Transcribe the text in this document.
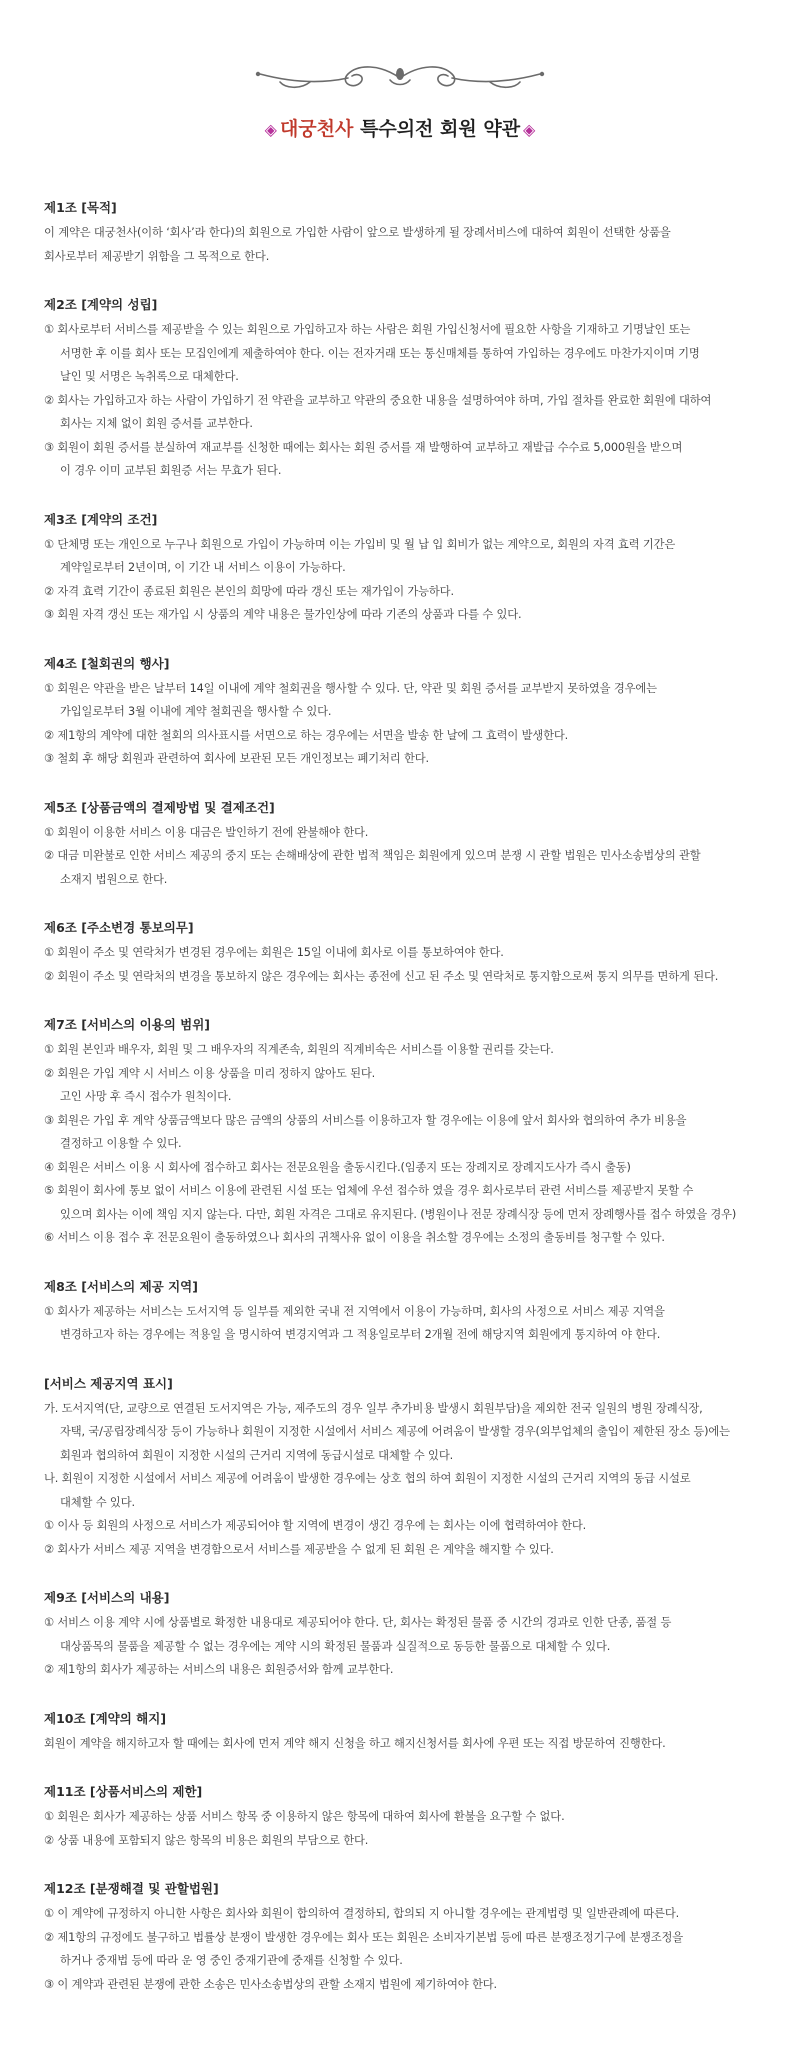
◈ 대궁천사 특수의전 회원 약관 ◈
제1조 [목적]
이 계약은 대궁천사(이하 ‘회사’라 한다)의 회원으로 가입한 사람이 앞으로 발생하게 될 장례서비스에 대하여 회원이 선택한 상품을
회사로부터 제공받기 위함을 그 목적으로 한다.
제2조 [계약의 성립]
① 회사로부터 서비스를 제공받을 수 있는 회원으로 가입하고자 하는 사람은 회원 가입신청서에 필요한 사항을 기재하고 기명날인 또는
서명한 후 이를 회사 또는 모집인에게 제출하여야 한다. 이는 전자거래 또는 통신매체를 통하여 가입하는 경우에도 마찬가지이며 기명
날인 및 서명은 녹취록으로 대체한다.
② 회사는 가입하고자 하는 사람이 가입하기 전 약관을 교부하고 약관의 중요한 내용을 설명하여야 하며, 가입 절차를 완료한 회원에 대하여
회사는 지체 없이 회원 증서를 교부한다.
③ 회원이 회원 증서를 분실하여 재교부를 신청한 때에는 회사는 회원 증서를 재 발행하여 교부하고 재발급 수수료 5,000원을 받으며
이 경우 이미 교부된 회원증 서는 무효가 된다.
제3조 [계약의 조건]
① 단체명 또는 개인으로 누구나 회원으로 가입이 가능하며 이는 가입비 및 월 납 입 회비가 없는 계약으로, 회원의 자격 효력 기간은
계약일로부터 2년이며, 이 기간 내 서비스 이용이 가능하다.
② 자격 효력 기간이 종료된 회원은 본인의 희망에 따라 갱신 또는 재가입이 가능하다.
③ 회원 자격 갱신 또는 재가입 시 상품의 계약 내용은 물가인상에 따라 기존의 상품과 다를 수 있다.
제4조 [철회권의 행사]
① 회원은 약관을 받은 날부터 14일 이내에 계약 철회권을 행사할 수 있다. 단, 약관 및 회원 증서를 교부받지 못하였을 경우에는
가입일로부터 3월 이내에 계약 철회권을 행사할 수 있다.
② 제1항의 계약에 대한 철회의 의사표시를 서면으로 하는 경우에는 서면을 발송 한 날에 그 효력이 발생한다.
③ 철회 후 해당 회원과 관련하여 회사에 보관된 모든 개인정보는 폐기처리 한다.
제5조 [상품금액의 결제방법 및 결제조건]
① 회원이 이용한 서비스 이용 대금은 발인하기 전에 완불해야 한다.
② 대금 미완불로 인한 서비스 제공의 중지 또는 손해배상에 관한 법적 책임은 회원에게 있으며 분쟁 시 관할 법원은 민사소송법상의 관할
소재지 법원으로 한다.
제6조 [주소변경 통보의무]
① 회원이 주소 및 연락처가 변경된 경우에는 회원은 15일 이내에 회사로 이를 통보하여야 한다.
② 회원이 주소 및 연락처의 변경을 통보하지 않은 경우에는 회사는 종전에 신고 된 주소 및 연락처로 통지함으로써 통지 의무를 면하게 된다.
제7조 [서비스의 이용의 범위]
① 회원 본인과 배우자, 회원 및 그 배우자의 직계존속, 회원의 직계비속은 서비스를 이용할 권리를 갖는다.
② 회원은 가입 계약 시 서비스 이용 상품을 미리 정하지 않아도 된다.
고인 사망 후 즉시 접수가 원칙이다.
③ 회원은 가입 후 계약 상품금액보다 많은 금액의 상품의 서비스를 이용하고자 할 경우에는 이용에 앞서 회사와 협의하여 추가 비용을
결정하고 이용할 수 있다.
④ 회원은 서비스 이용 시 회사에 접수하고 회사는 전문요원을 출동시킨다.(임종지 또는 장례지로 장례지도사가 즉시 출동)
⑤ 회원이 회사에 통보 없이 서비스 이용에 관련된 시설 또는 업체에 우선 접수하 였을 경우 회사로부터 관련 서비스를 제공받지 못할 수
있으며 회사는 이에 책임 지지 않는다. 다만, 회원 자격은 그대로 유지된다. (병원이나 전문 장례식장 등에 먼저 장례행사를 접수 하였을 경우)
⑥ 서비스 이용 접수 후 전문요원이 출동하였으나 회사의 귀책사유 없이 이용을 취소할 경우에는 소정의 출동비를 청구할 수 있다.
제8조 [서비스의 제공 지역]
① 회사가 제공하는 서비스는 도서지역 등 일부를 제외한 국내 전 지역에서 이용이 가능하며, 회사의 사정으로 서비스 제공 지역을
변경하고자 하는 경우에는 적용일 을 명시하여 변경지역과 그 적용일로부터 2개월 전에 해당지역 회원에게 통지하여 야 한다.
[서비스 제공지역 표시]
가. 도서지역(단, 교량으로 연결된 도서지역은 가능, 제주도의 경우 일부 추가비용 발생시 회원부담)을 제외한 전국 일원의 병원 장례식장,
자택, 국/공립장례식장 등이 가능하나 회원이 지정한 시설에서 서비스 제공에 어려움이 발생할 경우(외부업체의 출입이 제한된 장소 등)에는
회원과 협의하여 회원이 지정한 시설의 근거리 지역에 동급시설로 대체할 수 있다.
나. 회원이 지정한 시설에서 서비스 제공에 어려움이 발생한 경우에는 상호 협의 하여 회원이 지정한 시설의 근거리 지역의 동급 시설로
대체할 수 있다.
① 이사 등 회원의 사정으로 서비스가 제공되어야 할 지역에 변경이 생긴 경우에 는 회사는 이에 협력하여야 한다.
② 회사가 서비스 제공 지역을 변경함으로서 서비스를 제공받을 수 없게 된 회원 은 계약을 해지할 수 있다.
제9조 [서비스의 내용]
① 서비스 이용 계약 시에 상품별로 확정한 내용대로 제공되어야 한다. 단, 회사는 확정된 물품 중 시간의 경과로 인한 단종, 품절 등
대상품목의 물품을 제공할 수 없는 경우에는 계약 시의 확정된 물품과 실질적으로 동등한 물품으로 대체할 수 있다.
② 제1항의 회사가 제공하는 서비스의 내용은 회원증서와 함께 교부한다.
제10조 [계약의 해지]
회원이 계약을 해지하고자 할 때에는 회사에 먼저 계약 해지 신청을 하고 해지신청서를 회사에 우편 또는 직접 방문하여 진행한다.
제11조 [상품서비스의 제한]
① 회원은 회사가 제공하는 상품 서비스 항목 중 이용하지 않은 항목에 대하여 회사에 환불을 요구할 수 없다.
② 상품 내용에 포함되지 않은 항목의 비용은 회원의 부담으로 한다.
제12조 [분쟁해결 및 관할법원]
① 이 계약에 규정하지 아니한 사항은 회사와 회원이 합의하여 결정하되, 합의되 지 아니할 경우에는 관계법령 및 일반관례에 따른다.
② 제1항의 규정에도 불구하고 법률상 분쟁이 발생한 경우에는 회사 또는 회원은 소비자기본법 등에 따른 분쟁조정기구에 분쟁조정을
하거나 중재법 등에 따라 운 영 중인 중재기관에 중재를 신청할 수 있다.
③ 이 계약과 관련된 분쟁에 관한 소송은 민사소송법상의 관할 소재지 법원에 제기하여야 한다.
